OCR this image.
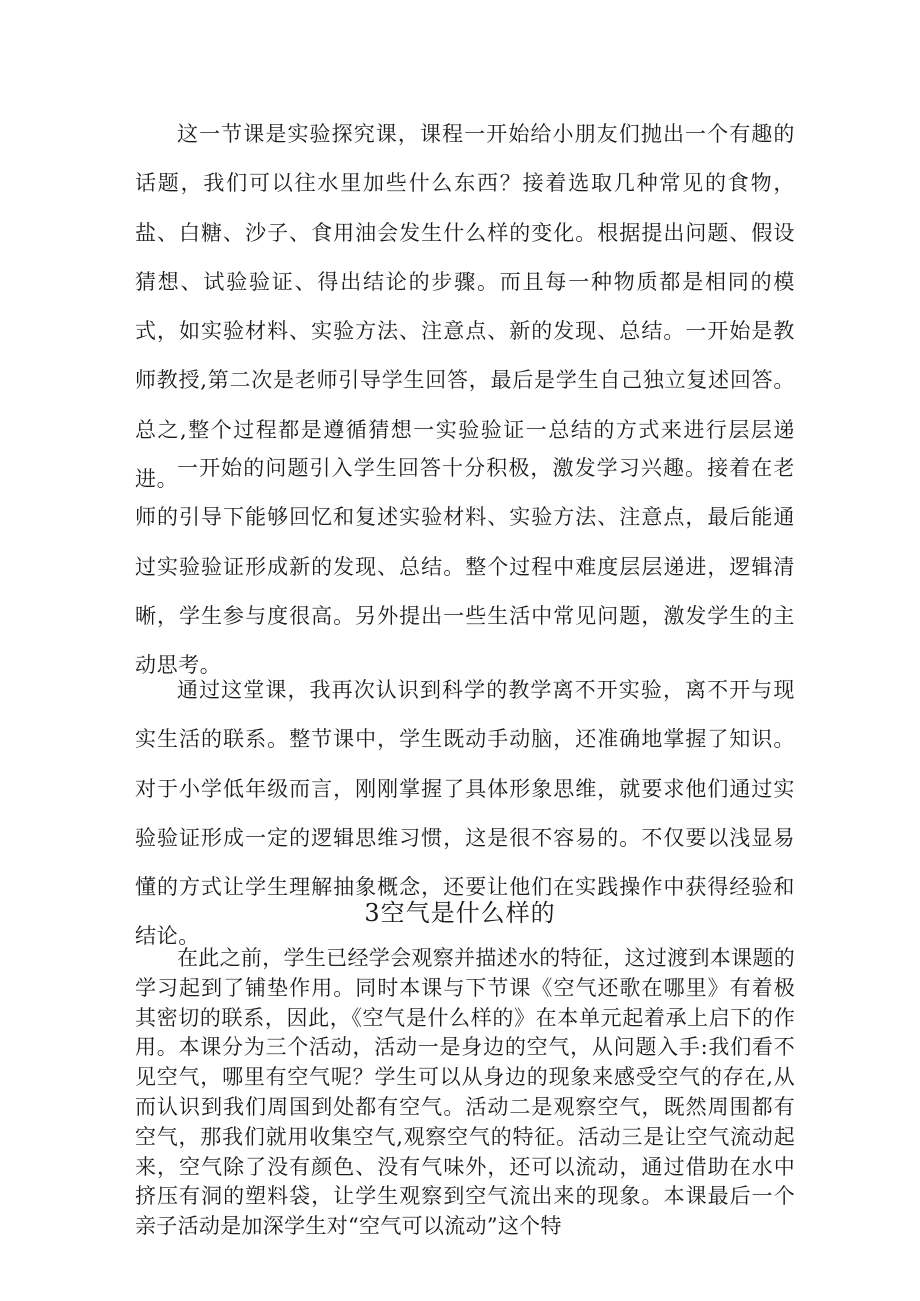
这一节课是实验探究课，课程一开始给小朋友们抛出一个有趣的话题，我们可以往水里加些什么东西？接着选取几种常见的食物，盐、白糖、沙子、食用油会发生什么样的变化。根据提出问题、假设猜想、试验验证、得出结论的步骤。而且每一种物质都是相同的模式，如实验材料、实验方法、注意点、新的发现、总结。一开始是教师教授,第二次是老师引导学生回答，最后是学生自己独立复述回答。总之,整个过程都是遵循猜想一实验验证一总结的方式来进行层层递进。

一开始的问题引入学生回答十分积极，激发学习兴趣。接着在老师的引导下能够回忆和复述实验材料、实验方法、注意点，最后能通过实验验证形成新的发现、总结。整个过程中难度层层递进，逻辑清晰，学生参与度很高。另外提出一些生活中常见问题，激发学生的主动思考。

通过这堂课，我再次认识到科学的教学离不开实验，离不开与现实生活的联系。整节课中，学生既动手动脑，还准确地掌握了知识。对于小学低年级而言，刚刚掌握了具体形象思维，就要求他们通过实验验证形成一定的逻辑思维习惯，这是很不容易的。不仅要以浅显易懂的方式让学生理解抽象概念，还要让他们在实践操作中获得经验和结论。

3空气是什么样的

在此之前，学生已经学会观察并描述水的特征，这过渡到本课题的学习起到了铺垫作用。同时本课与下节课《空气还歌在哪里》有着极其密切的联系，因此，《空气是什么样的》在本单元起着承上启下的作用。本课分为三个活动，活动一是身边的空气，从问题入手:我们看不见空气，哪里有空气呢？学生可以从身边的现象来感受空气的存在,从而认识到我们周国到处都有空气。活动二是观察空气，既然周围都有空气，那我们就用收集空气,观察空气的特征。活动三是让空气流动起来，空气除了没有颜色、没有气味外，还可以流动，通过借助在水中挤压有洞的塑料袋，让学生观察到空气流出来的现象。本课最后一个亲子活动是加深学生对“空气可以流动”这个特
